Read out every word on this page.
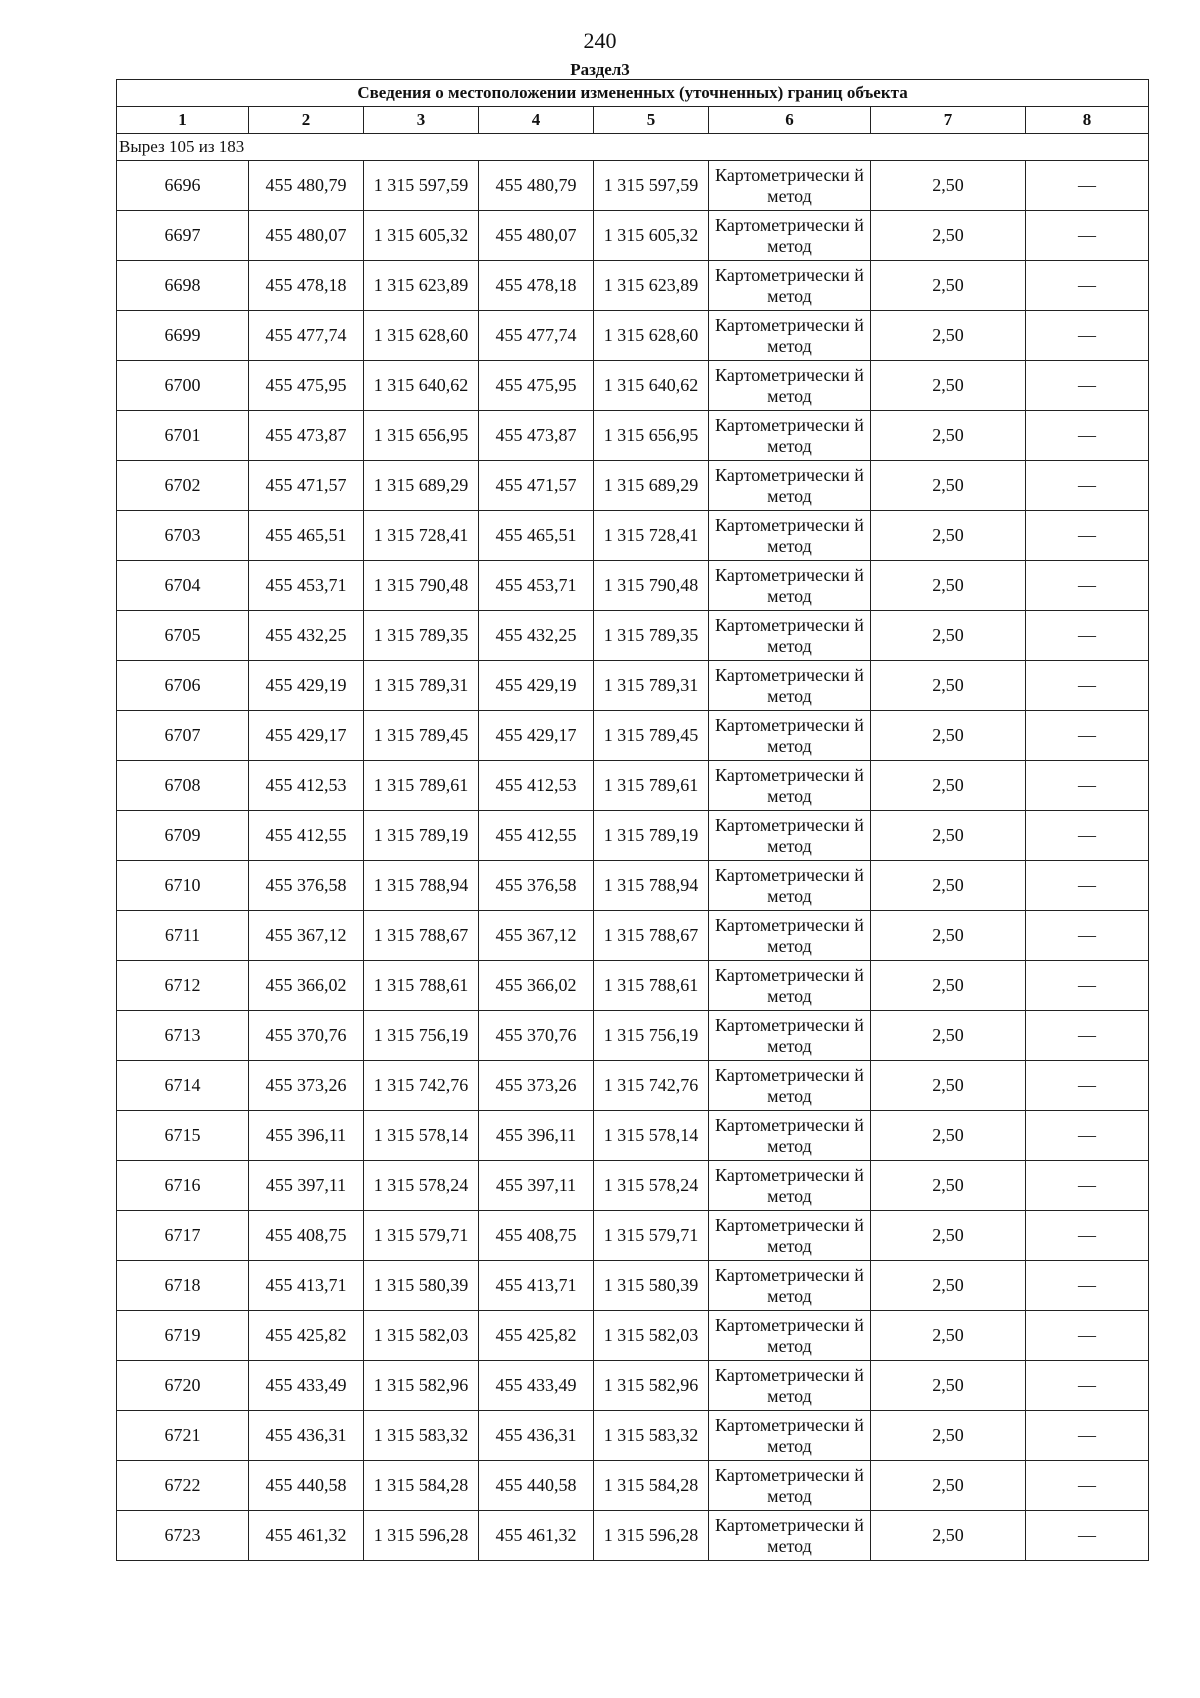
240
Раздел3
Сведения о местоположении измененных (уточненных) границ объекта							
1	2	3	4	5	6	7	8
Вырез 105 из 183							
6696	455 480,79	1 315 597,59	455 480,79	1 315 597,59	Картометрически й метод	2,50	—
6697	455 480,07	1 315 605,32	455 480,07	1 315 605,32	Картометрически й метод	2,50	—
6698	455 478,18	1 315 623,89	455 478,18	1 315 623,89	Картометрически й метод	2,50	—
6699	455 477,74	1 315 628,60	455 477,74	1 315 628,60	Картометрически й метод	2,50	—
6700	455 475,95	1 315 640,62	455 475,95	1 315 640,62	Картометрически й метод	2,50	—
6701	455 473,87	1 315 656,95	455 473,87	1 315 656,95	Картометрически й метод	2,50	—
6702	455 471,57	1 315 689,29	455 471,57	1 315 689,29	Картометрически й метод	2,50	—
6703	455 465,51	1 315 728,41	455 465,51	1 315 728,41	Картометрически й метод	2,50	—
6704	455 453,71	1 315 790,48	455 453,71	1 315 790,48	Картометрически й метод	2,50	—
6705	455 432,25	1 315 789,35	455 432,25	1 315 789,35	Картометрически й метод	2,50	—
6706	455 429,19	1 315 789,31	455 429,19	1 315 789,31	Картометрически й метод	2,50	—
6707	455 429,17	1 315 789,45	455 429,17	1 315 789,45	Картометрически й метод	2,50	—
6708	455 412,53	1 315 789,61	455 412,53	1 315 789,61	Картометрически й метод	2,50	—
6709	455 412,55	1 315 789,19	455 412,55	1 315 789,19	Картометрически й метод	2,50	—
6710	455 376,58	1 315 788,94	455 376,58	1 315 788,94	Картометрически й метод	2,50	—
6711	455 367,12	1 315 788,67	455 367,12	1 315 788,67	Картометрически й метод	2,50	—
6712	455 366,02	1 315 788,61	455 366,02	1 315 788,61	Картометрически й метод	2,50	—
6713	455 370,76	1 315 756,19	455 370,76	1 315 756,19	Картометрически й метод	2,50	—
6714	455 373,26	1 315 742,76	455 373,26	1 315 742,76	Картометрически й метод	2,50	—
6715	455 396,11	1 315 578,14	455 396,11	1 315 578,14	Картометрически й метод	2,50	—
6716	455 397,11	1 315 578,24	455 397,11	1 315 578,24	Картометрически й метод	2,50	—
6717	455 408,75	1 315 579,71	455 408,75	1 315 579,71	Картометрически й метод	2,50	—
6718	455 413,71	1 315 580,39	455 413,71	1 315 580,39	Картометрически й метод	2,50	—
6719	455 425,82	1 315 582,03	455 425,82	1 315 582,03	Картометрически й метод	2,50	—
6720	455 433,49	1 315 582,96	455 433,49	1 315 582,96	Картометрически й метод	2,50	—
6721	455 436,31	1 315 583,32	455 436,31	1 315 583,32	Картометрически й метод	2,50	—
6722	455 440,58	1 315 584,28	455 440,58	1 315 584,28	Картометрически й метод	2,50	—
6723	455 461,32	1 315 596,28	455 461,32	1 315 596,28	Картометрически й метод	2,50	—
